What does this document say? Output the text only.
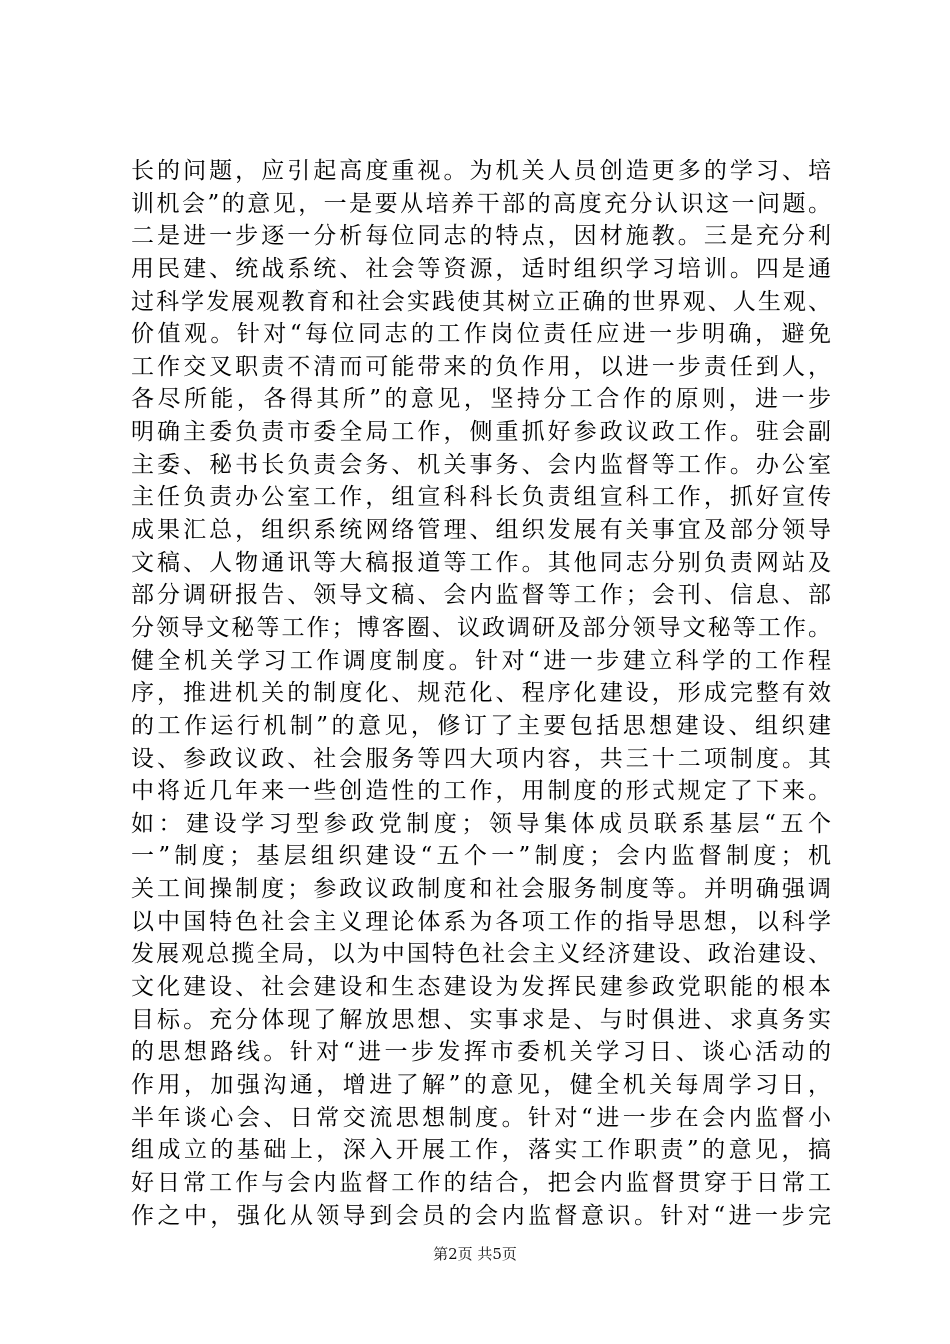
长的问题，应引起高度重视。为机关人员创造更多的学习、培
训机会”的意见，一是要从培养干部的高度充分认识这一问题。
二是进一步逐一分析每位同志的特点，因材施教。三是充分利
用民建、统战系统、社会等资源，适时组织学习培训。四是通
过科学发展观教育和社会实践使其树立正确的世界观、人生观、
价值观。针对“每位同志的工作岗位责任应进一步明确，避免
工作交叉职责不清而可能带来的负作用，以进一步责任到人，
各尽所能，各得其所”的意见，坚持分工合作的原则，进一步
明确主委负责市委全局工作，侧重抓好参政议政工作。驻会副
主委、秘书长负责会务、机关事务、会内监督等工作。办公室
主任负责办公室工作，组宣科科长负责组宣科工作，抓好宣传
成果汇总，组织系统网络管理、组织发展有关事宜及部分领导
文稿、人物通讯等大稿报道等工作。其他同志分别负责网站及
部分调研报告、领导文稿、会内监督等工作；会刊、信息、部
分领导文秘等工作；博客圈、议政调研及部分领导文秘等工作。
健全机关学习工作调度制度。针对“进一步建立科学的工作程
序，推进机关的制度化、规范化、程序化建设，形成完整有效
的工作运行机制”的意见，修订了主要包括思想建设、组织建
设、参政议政、社会服务等四大项内容，共三十二项制度。其
中将近几年来一些创造性的工作，用制度的形式规定了下来。
如：建设学习型参政党制度；领导集体成员联系基层“五个
一”制度；基层组织建设“五个一”制度；会内监督制度；机
关工间操制度；参政议政制度和社会服务制度等。并明确强调
以中国特色社会主义理论体系为各项工作的指导思想，以科学
发展观总揽全局，以为中国特色社会主义经济建设、政治建设、
文化建设、社会建设和生态建设为发挥民建参政党职能的根本
目标。充分体现了解放思想、实事求是、与时俱进、求真务实
的思想路线。针对“进一步发挥市委机关学习日、谈心活动的
作用，加强沟通，增进了解”的意见，健全机关每周学习日，
半年谈心会、日常交流思想制度。针对“进一步在会内监督小
组成立的基础上，深入开展工作，落实工作职责”的意见，搞
好日常工作与会内监督工作的结合，把会内监督贯穿于日常工
作之中，强化从领导到会员的会内监督意识。针对“进一步完
第2页 共5页
